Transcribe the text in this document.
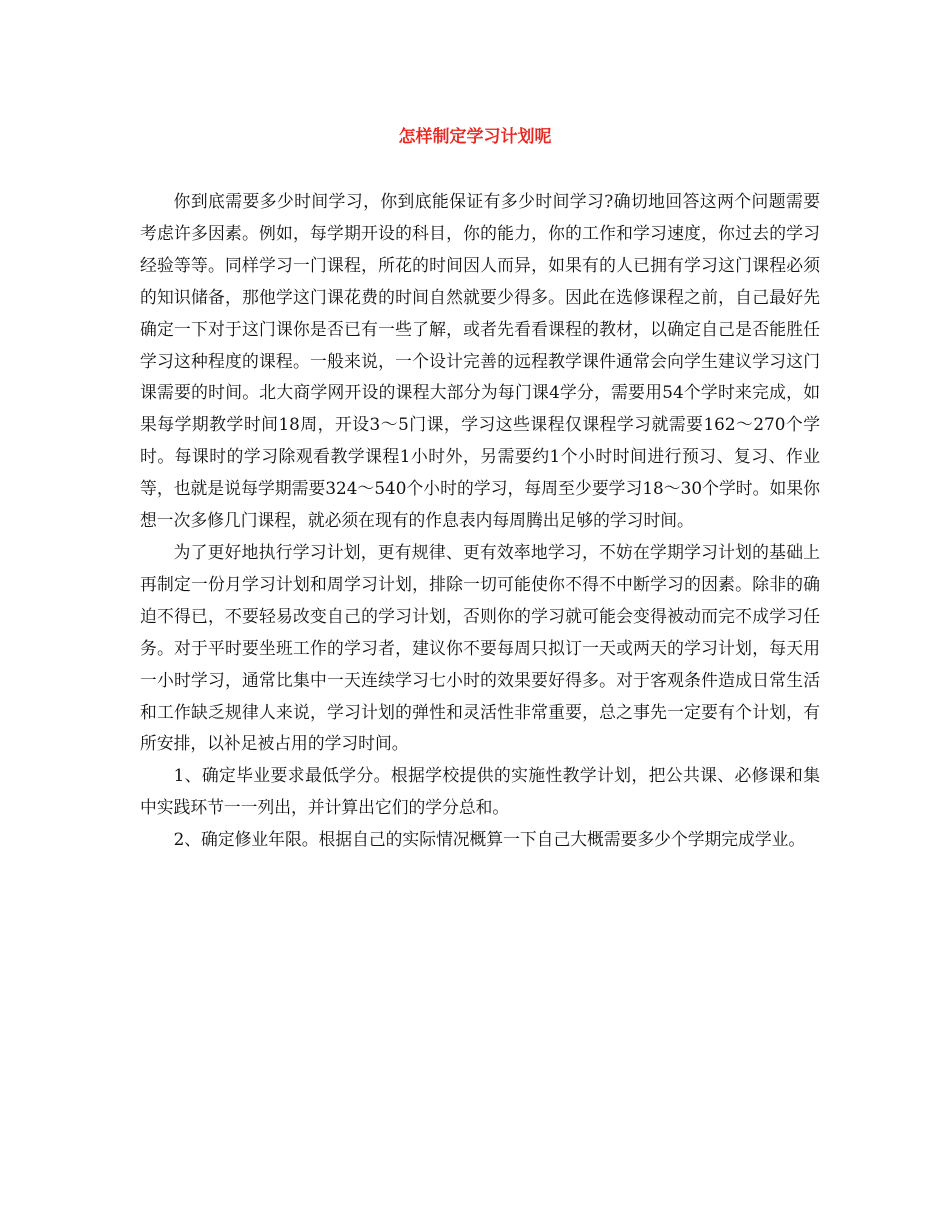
怎样制定学习计划呢

你到底需要多少时间学习，你到底能保证有多少时间学习?确切地回答这两个问题需要考虑许多因素。例如，每学期开设的科目，你的能力，你的工作和学习速度，你过去的学习经验等等。同样学习一门课程，所花的时间因人而异，如果有的人已拥有学习这门课程必须的知识储备，那他学这门课花费的时间自然就要少得多。因此在选修课程之前，自己最好先确定一下对于这门课你是否已有一些了解，或者先看看课程的教材，以确定自己是否能胜任学习这种程度的课程。一般来说，一个设计完善的远程教学课件通常会向学生建议学习这门课需要的时间。北大商学网开设的课程大部分为每门课4学分，需要用54个学时来完成，如果每学期教学时间18周，开设3～5门课，学习这些课程仅课程学习就需要162～270个学时。每课时的学习除观看教学课程1小时外，另需要约1个小时时间进行预习、复习、作业等，也就是说每学期需要324～540个小时的学习，每周至少要学习18～30个学时。如果你想一次多修几门课程，就必须在现有的作息表内每周腾出足够的学习时间。

为了更好地执行学习计划，更有规律、更有效率地学习，不妨在学期学习计划的基础上再制定一份月学习计划和周学习计划，排除一切可能使你不得不中断学习的因素。除非的确迫不得已，不要轻易改变自己的学习计划，否则你的学习就可能会变得被动而完不成学习任务。对于平时要坐班工作的学习者，建议你不要每周只拟订一天或两天的学习计划，每天用一小时学习，通常比集中一天连续学习七小时的效果要好得多。对于客观条件造成日常生活和工作缺乏规律人来说，学习计划的弹性和灵活性非常重要，总之事先一定要有个计划，有所安排，以补足被占用的学习时间。

1、确定毕业要求最低学分。根据学校提供的实施性教学计划，把公共课、必修课和集中实践环节一一列出，并计算出它们的学分总和。

2、确定修业年限。根据自己的实际情况概算一下自己大概需要多少个学期完成学业。
